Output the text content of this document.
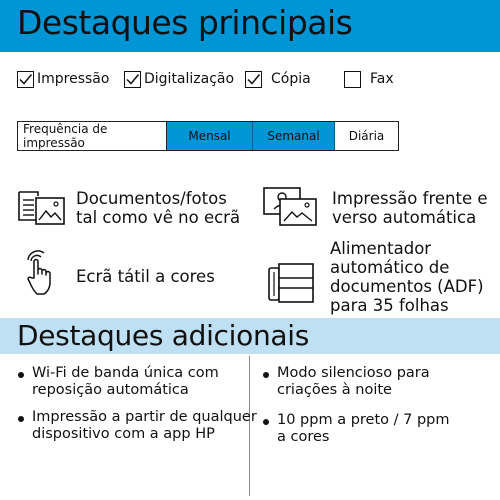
Destaques principais
Impressão Digitalização	Cópia	Fax
Frequência de impressão	Mensal	Semanal	Diária
Documentos/fotos
tal como vê no ecrã
Impressão frente e
verso automática
Ecrã tátil a cores
Alimentador
automático de
documentos (ADF)
para 35 folhas
Destaques adicionais
Wi-Fi de banda única com
reposição automática
Impressão a partir de qualquer
dispositivo com a app HP
Modo silencioso para
criações à noite
10 ppm a preto / 7 ppm
a cores
